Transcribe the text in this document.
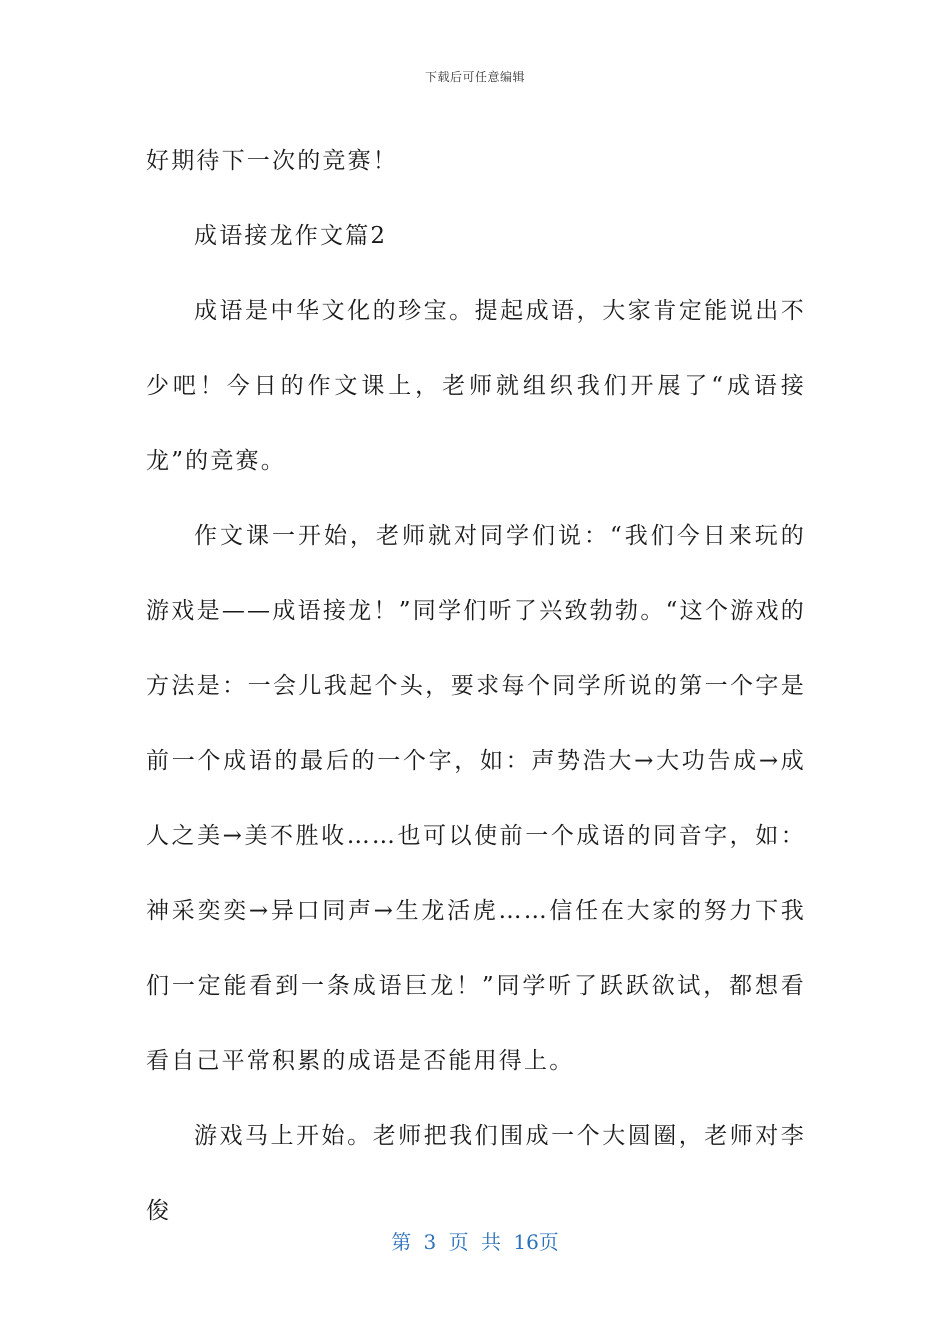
下载后可任意编辑

好期待下一次的竞赛！

成语接龙作文篇2

成语是中华文化的珍宝。提起成语，大家肯定能说出不少吧！今日的作文课上，老师就组织我们开展了“成语接龙”的竞赛。

作文课一开始，老师就对同学们说：“我们今日来玩的游戏是——成语接龙！”同学们听了兴致勃勃。“这个游戏的方法是：一会儿我起个头，要求每个同学所说的第一个字是前一个成语的最后的一个字，如：声势浩大→大功告成→成人之美→美不胜收……也可以使前一个成语的同音字，如：神采奕奕→异口同声→生龙活虎……信任在大家的努力下我们一定能看到一条成语巨龙！”同学听了跃跃欲试，都想看看自己平常积累的成语是否能用得上。

游戏马上开始。老师把我们围成一个大圆圈，老师对李俊

第 3 页 共 16页
